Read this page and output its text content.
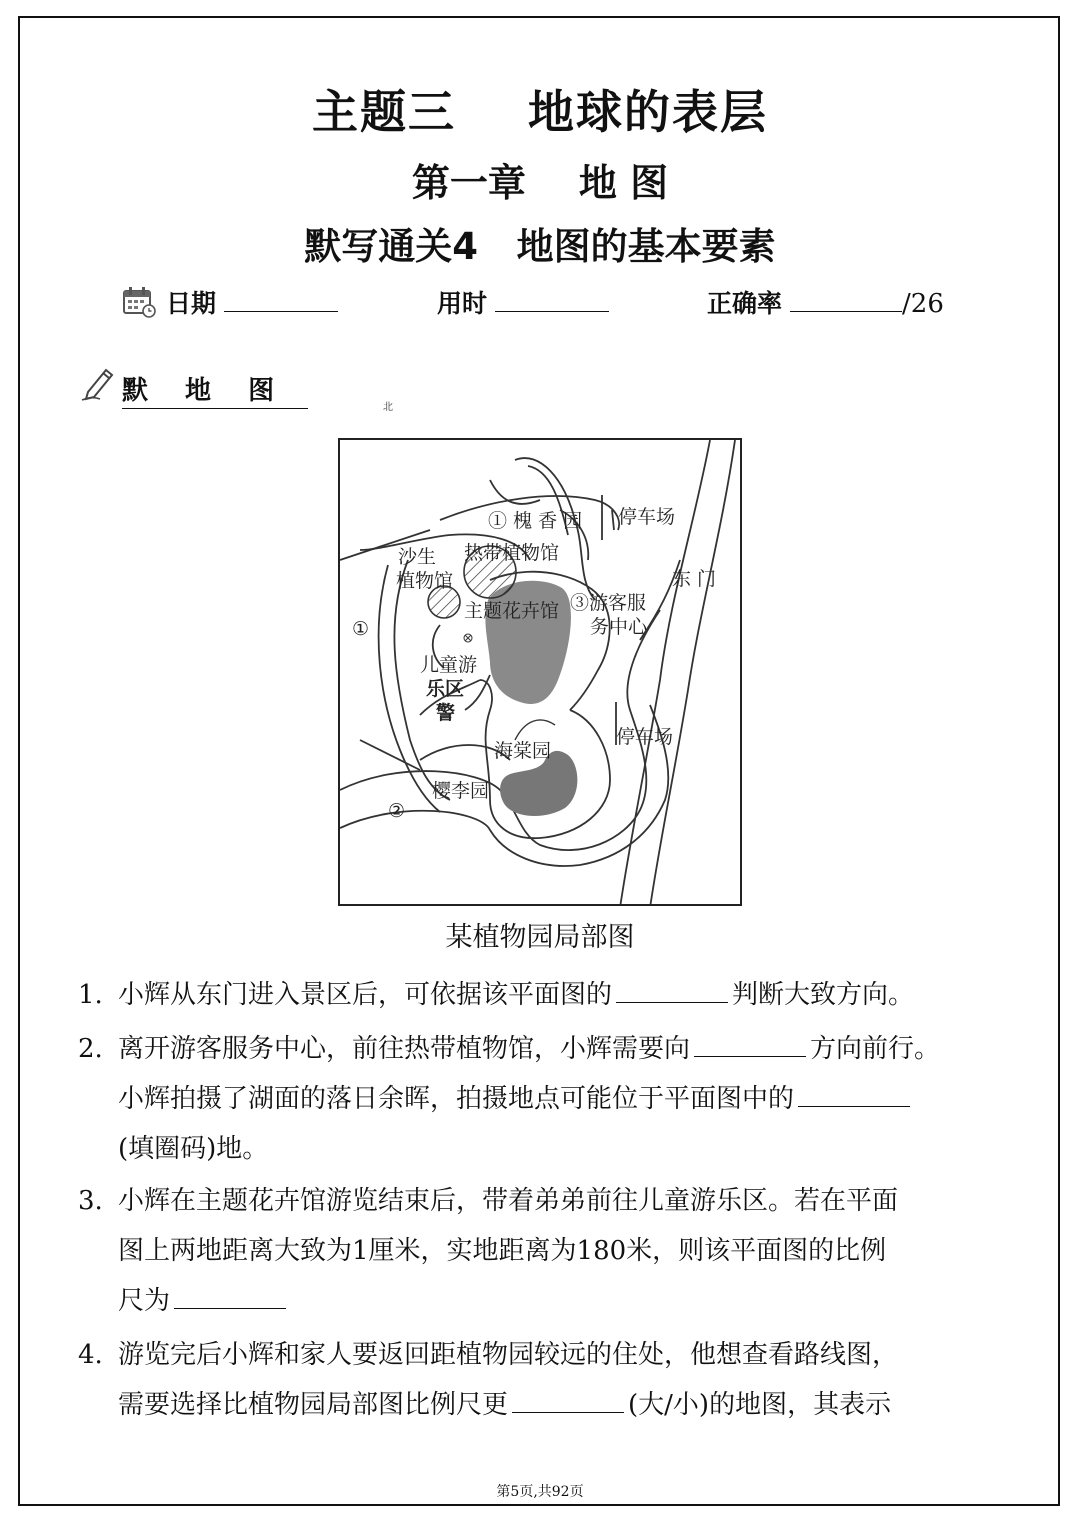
主题三    地球的表层
第一章    地 图
默写通关4   地图的基本要素
日期	用时	正确率	/26
默 地 图
北
① 槐 香 园 停车场
沙生
植物馆
热带植物馆
东 门
主题花卉馆 ③游客服
务中心
①
儿童游
乐区
警
停车场
海棠园
樱李园
②
某植物园局部图
1. 小辉从东门进入景区后，可依据该平面图的	判断大致方向。
2. 离开游客服务中心，前往热带植物馆，小辉需要向	方向前行。
小辉拍摄了湖面的落日余晖，拍摄地点可能位于平面图中的
(填圈码)地。
3. 小辉在主题花卉馆游览结束后，带着弟弟前往儿童游乐区。若在平面
图上两地距离大致为1厘米，实地距离为180米，则该平面图的比例
尺为
4. 游览完后小辉和家人要返回距植物园较远的住处，他想查看路线图，
需要选择比植物园局部图比例尺更	(大/小)的地图，其表示
第5页,共92页
